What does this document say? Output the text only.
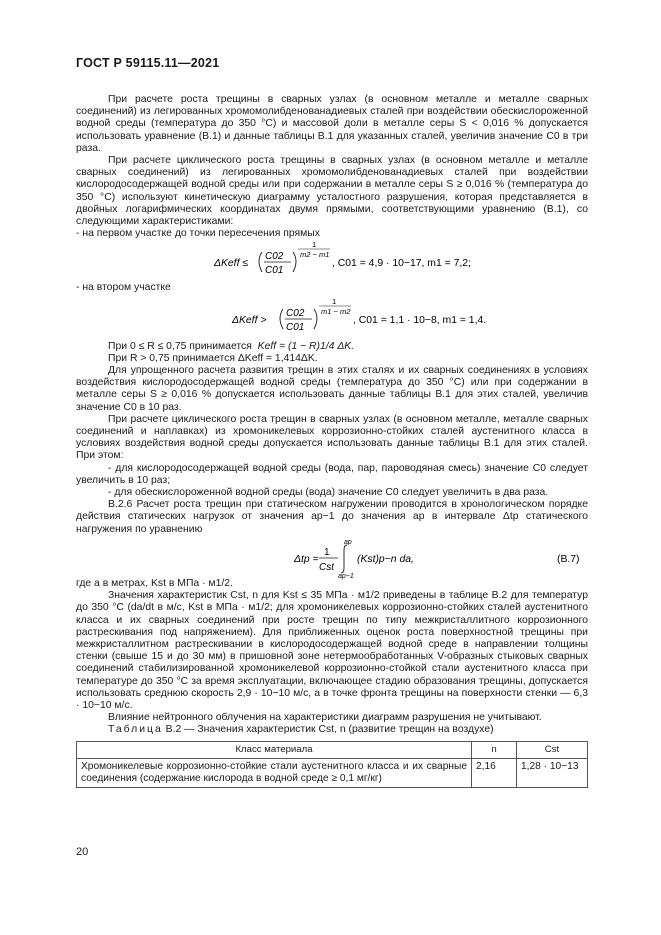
ГОСТ Р 59115.11—2021

При расчете роста трещины в сварных узлах (в основном металле и металле сварных соединений) из легированных хромомолибденованадиевых сталей при воздействии обескислороженной водной среды (температура до 350 °С) и массовой доли в металле серы S < 0,016 % допускается использовать уравнение (В.1) и данные таблицы В.1 для указанных сталей, увеличив значение C0 в три раза.

При расчете циклического роста трещины в сварных узлах (в основном металле и металле сварных соединений) из легированных хромомолибденованадиевых сталей при воздействии кислородосодержащей водной среды или при содержании в металле серы S ≥ 0,016 % (температура до 350 °С) используют кинетическую диаграмму усталостного разрушения, которая представляется в двойных логарифмических координатах двумя прямыми, соответствующими уравнению (В.1), со следующими характеристиками:

- на первом участке до точки пересечения прямых

ΔKeff ≤
C02
C01
1
m2 − m1
, C01 = 4,9 · 10−17, m1 = 7,2;

- на втором участке

ΔKeff >
C02
C01
1
m1 − m2
, C01 = 1,1 · 10−8, m1 = 1,4.

При 0 ≤ R ≤ 0,75 принимается Keff = (1 − R)1/4 ΔK.

При R > 0,75 принимается ΔKeff = 1,414ΔK.

Для упрощенного расчета развития трещин в этих сталях и их сварных соединениях в условиях воздействия кислородосодержащей водной среды (температура до 350 °С) или при содержании в металле серы S ≥ 0,016 % допускается использовать данные таблицы В.1 для этих сталей, увеличив значение C0 в 10 раз.

При расчете циклического роста трещин в сварных узлах (в основном металле, металле сварных соединений и наплавках) из хромоникелевых коррозионно-стойких сталей аустенитного класса в условиях воздействия водной среды допускается использовать данные таблицы В.1 для этих сталей. При этом:

- для кислородосодержащей водной среды (вода, пар, пароводяная смесь) значение C0 следует увеличить в 10 раз;

- для обескислороженной водной среды (вода) значение C0 следует увеличить в два раза.

В.2.6 Расчет роста трещин при статическом нагружении проводится в хронологическом порядке действия статических нагрузок от значения ap−1 до значения ap в интервале Δtp статического нагружения по уравнению

Δtp =
1
Cst
ap
ap−1
(Kst)p−n da,	(В.7)

где a в метрах, Kst в МПа · м1/2.

Значения характеристик Cst, n для Kst ≤ 35 МПа · м1/2 приведены в таблице В.2 для температур до 350 °С (da/dt в м/с, Kst в МПа · м1/2; для хромоникелевых коррозионно-стойких сталей аустенитного класса и их сварных соединений при росте трещин по типу межкристаллитного коррозионного растрескивания под напряжением). Для приближенных оценок роста поверхностной трещины при межкристаллитном растрескивании в кислородосодержащей водной среде в направлении толщины стенки (свыше 15 и до 30 мм) в пришовной зоне нетермообработанных V-образных стыковых сварных соединений стабилизированной хромоникелевой коррозионно-стойкой стали аустенитного класса при температуре до 350 °С за время эксплуатации, включающее стадию образования трещины, допускается использовать среднюю скорость 2,9 · 10−10 м/с, а в точке фронта трещины на поверхности стенки — 6,3 · 10−10 м/с.

Влияние нейтронного облучения на характеристики диаграмм разрушения не учитывают.

Таблица В.2 — Значения характеристик Cst, n (развитие трещин на воздухе)

Класс материала	n	Cst
Хромоникелевые коррозионно-стойкие стали аустенитного класса и их сварные соединения (содержание кислорода в водной среде ≥ 0,1 мг/кг)	2,16	1,28 · 10−13
20
